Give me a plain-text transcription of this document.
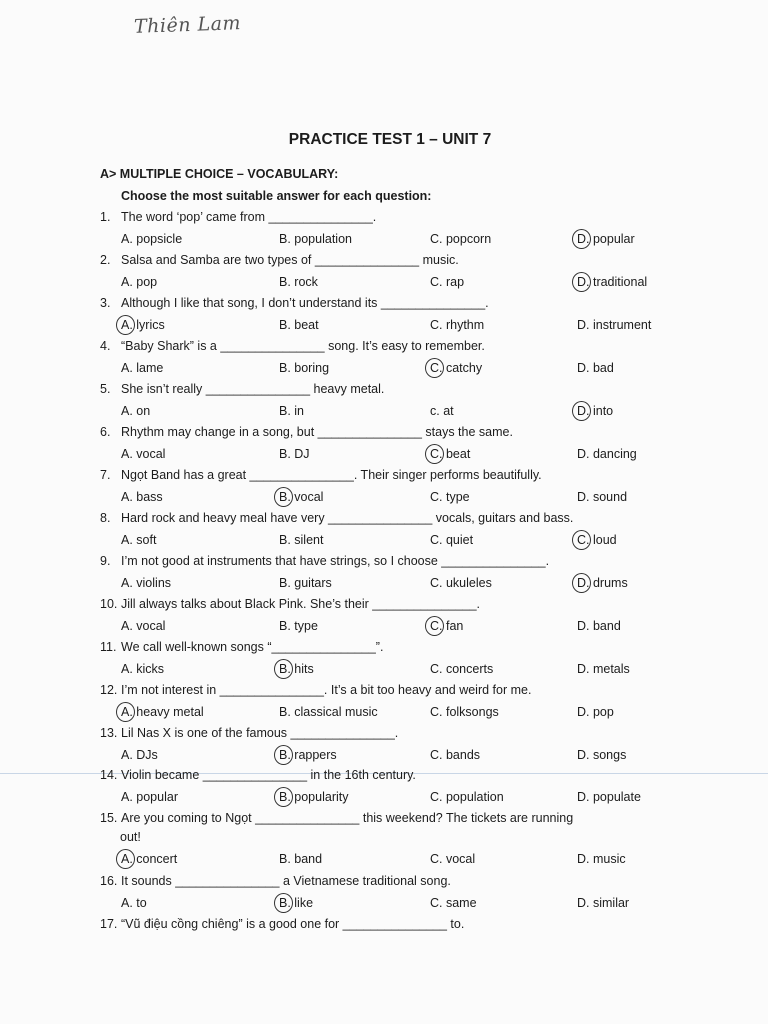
Thiên Lam
PRACTICE TEST 1 – UNIT 7
A> MULTIPLE CHOICE – VOCABULARY:
Choose the most suitable answer for each question:
1. The word ‘pop’ came from _______________.
A. popsicle	B. population	C. popcorn	D. popular
2. Salsa and Samba are two types of _______________ music.
A. pop	B. rock	C. rap	D. traditional
3. Although I like that song, I don’t understand its _______________.
A. lyrics	B. beat	C. rhythm	D. instrument
4. “Baby Shark” is a _______________ song. It’s easy to remember.
A. lame	B. boring	C. catchy	D. bad
5. She isn’t really _______________ heavy metal.
A. on	B. in	c. at	D. into
6. Rhythm may change in a song, but _______________ stays the same.
A. vocal	B. DJ	C. beat	D. dancing
7. Ngọt Band has a great _______________. Their singer performs beautifully.
A. bass	B. vocal	C. type	D. sound
8. Hard rock and heavy meal have very _______________ vocals, guitars and bass.
A. soft	B. silent	C. quiet	C. loud
9. I’m not good at instruments that have strings, so I choose _______________.
A. violins	B. guitars	C. ukuleles	D. drums
10. Jill always talks about Black Pink. She’s their _______________.
A. vocal	B. type	C. fan	D. band
11. We call well-known songs “_______________”.
A. kicks	B. hits	C. concerts	D. metals
12. I’m not interest in _______________. It’s a bit too heavy and weird for me.
A. heavy metal	B. classical music	C. folksongs	D. pop
13. Lil Nas X is one of the famous _______________.
A. DJs	B. rappers	C. bands	D. songs
14. Violin became _______________ in the 16th century.
A. popular	B. popularity	C. population	D. populate
15. Are you coming to Ngọt _______________ this weekend? The tickets are running
out!
A. concert	B. band	C. vocal	D. music
16. It sounds _______________ a Vietnamese traditional song.
A. to	B. like	C. same	D. similar
17. “Vũ điệu cồng chiêng” is a good one for _______________ to.
